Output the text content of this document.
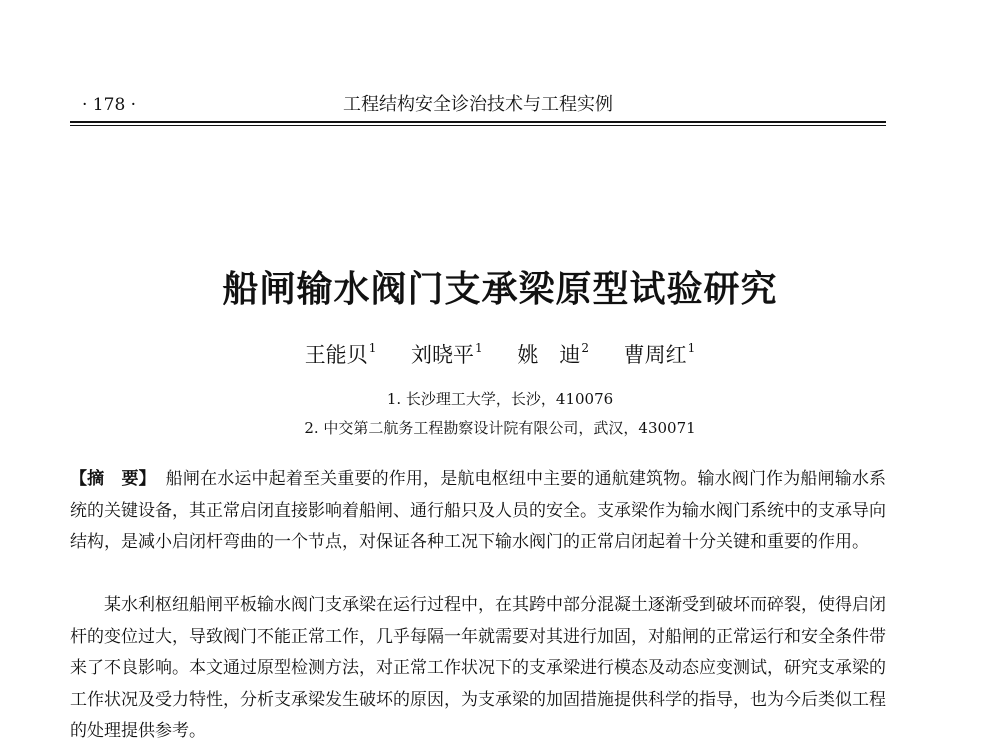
· 178 ·	工程结构安全诊治技术与工程实例
船闸输水阀门支承梁原型试验研究
王能贝$^1$ 刘晓平$^1$ 姚　迪$^2$ 曹周红$^1$
1. 长沙理工大学，长沙，410076
2. 中交第二航务工程勘察设计院有限公司，武汉，430071
【摘　要】 船闸在水运中起着至关重要的作用，是航电枢纽中主要的通航建筑物。输水阀门作为船闸输水系统的关键设备，其正常启闭直接影响着船闸、通行船只及人员的安全。支承梁作为输水阀门系统中的支承导向结构，是减小启闭杆弯曲的一个节点，对保证各种工况下输水阀门的正常启闭起着十分关键和重要的作用。
某水利枢纽船闸平板输水阀门支承梁在运行过程中，在其跨中部分混凝土逐渐受到破坏而碎裂，使得启闭杆的变位过大，导致阀门不能正常工作，几乎每隔一年就需要对其进行加固，对船闸的正常运行和安全条件带来了不良影响。本文通过原型检测方法，对正常工作状况下的支承梁进行模态及动态应变测试，研究支承梁的工作状况及受力特性，分析支承梁发生破坏的原因，为支承梁的加固措施提供科学的指导，也为今后类似工程的处理提供参考。
